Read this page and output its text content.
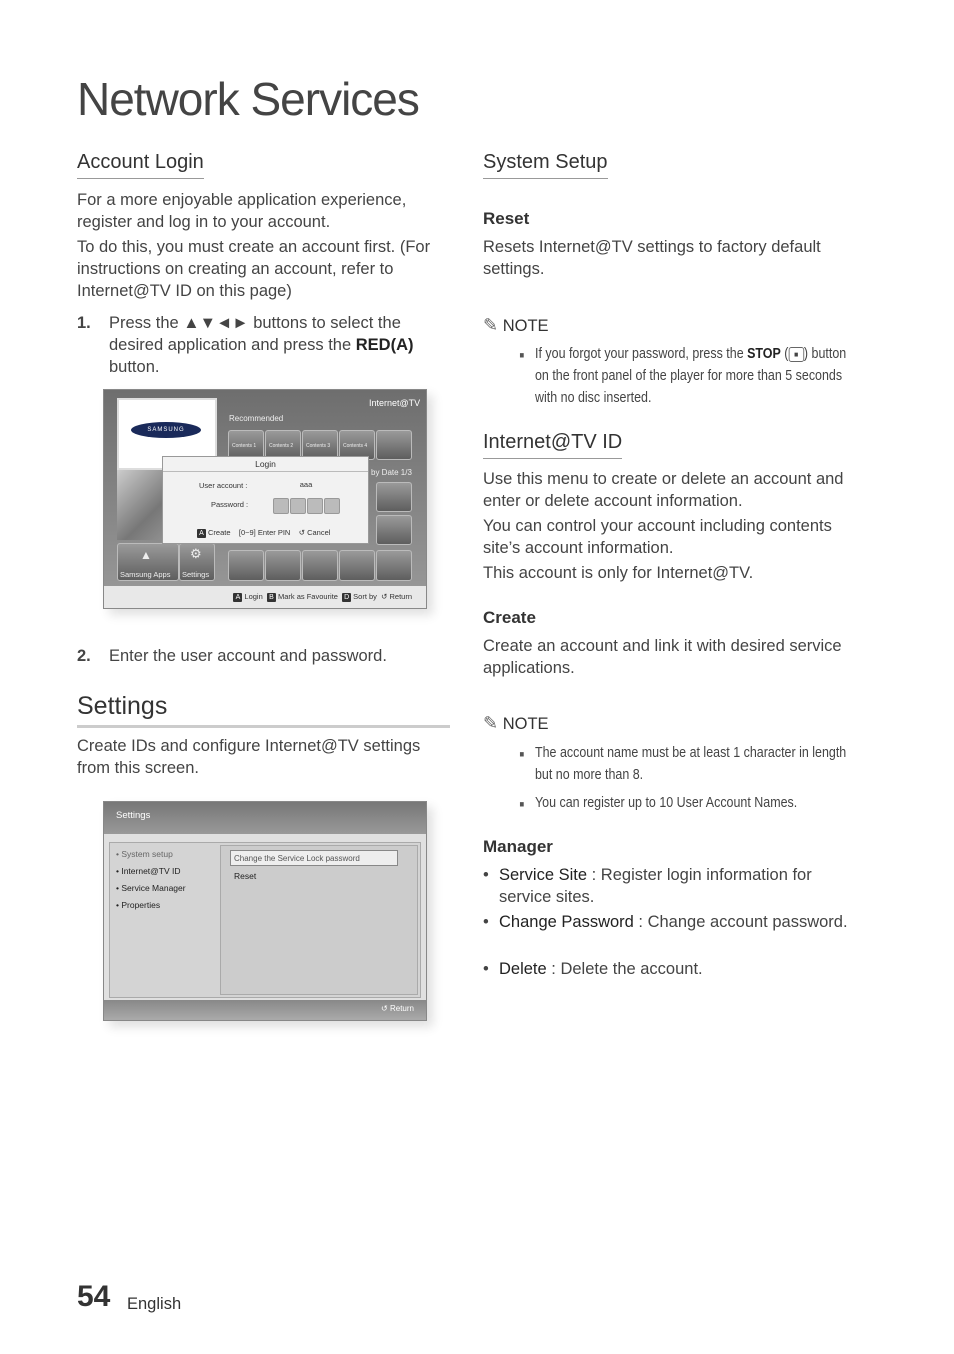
Network Services
Account Login
For a more enjoyable application experience, register and log in to your account.
To do this, you must create an account first. (For instructions on creating an account, refer to Internet@TV ID on this page)
1. Press the ▲▼◄► buttons to select the desired application and press the RED(A) button.
SAMSUNG
Internet@TV
Recommended
Contents 1	Contents 2	Contents 3	Contents 4
by Date 1/3
▲
Samsung Apps
⚙
Settings
A Login B Mark as Favourite D Sort by ↺ Return
Login
User account :	aaa
Password :
A Create [0~9] Enter PIN ↺ Cancel
2. Enter the user account and password.
Settings
Create IDs and configure Internet@TV settings from this screen.
Settings
• System setup
• Internet@TV ID
• Service Manager
• Properties
Change the Service Lock password
Reset
↺ Return
System Setup
Reset
Resets Internet@TV settings to factory default settings.
✎ NOTE
■ If you forgot your password, press the STOP ( ■ ) button on the front panel of the player for more than 5 seconds with no disc inserted.
Internet@TV ID
Use this menu to create or delete an account and enter or delete account information.
You can control your account including contents site’s account information.
This account is only for Internet@TV.
Create
Create an account and link it with desired service applications.
✎ NOTE
■ The account name must be at least 1 character in length but no more than 8.
■ You can register up to 10 User Account Names.
Manager
• Service Site : Register login information for service sites.
• Change Password : Change account password.
• Delete : Delete the account.
54 English
